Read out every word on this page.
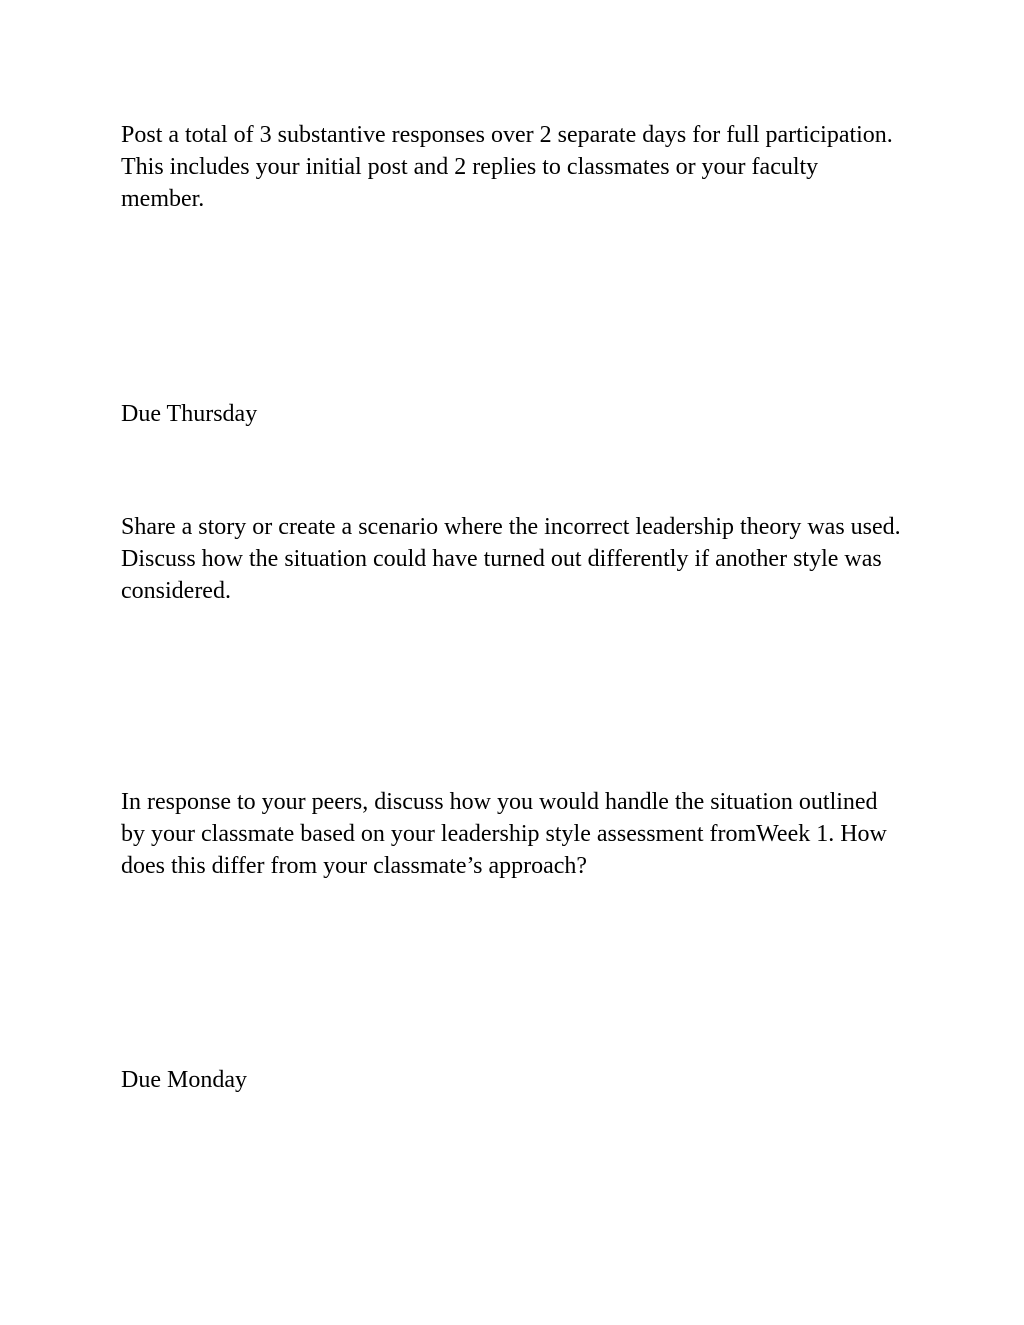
Post a total of 3 substantive responses over 2 separate days for full participation. This includes your initial post and 2 replies to classmates or your faculty member.

Due Thursday

Share a story or create a scenario where the incorrect leadership theory was used. Discuss how the situation could have turned out differently if another style was considered.

In response to your peers, discuss how you would handle the situation outlined by your classmate based on your leadership style assessment fromWeek 1. How does this differ from your classmate’s approach?

Due Monday
